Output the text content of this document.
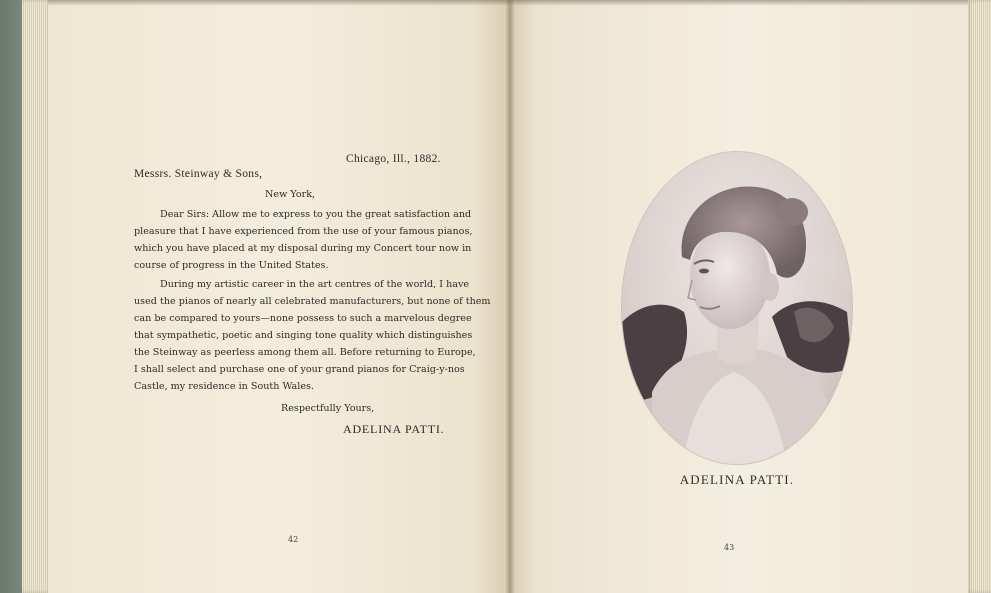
Chicago, Ill., 1882.
Messrs. Steinway & Sons,
New York,
Dear Sirs: Allow me to express to you the great satisfaction and
pleasure that I have experienced from the use of your famous pianos,
which you have placed at my disposal during my Concert tour now in
course of progress in the United States.
During my artistic career in the art centres of the world, I have
used the pianos of nearly all celebrated manufacturers, but none of them
can be compared to yours—none possess to such a marvelous degree
that sympathetic, poetic and singing tone quality which distinguishes
the Steinway as peerless among them all. Before returning to Europe,
I shall select and purchase one of your grand pianos for Craig-y-nos
Castle, my residence in South Wales.
Respectfully Yours,
ADELINA PATTI.
42
ADELINA PATTI.
43
